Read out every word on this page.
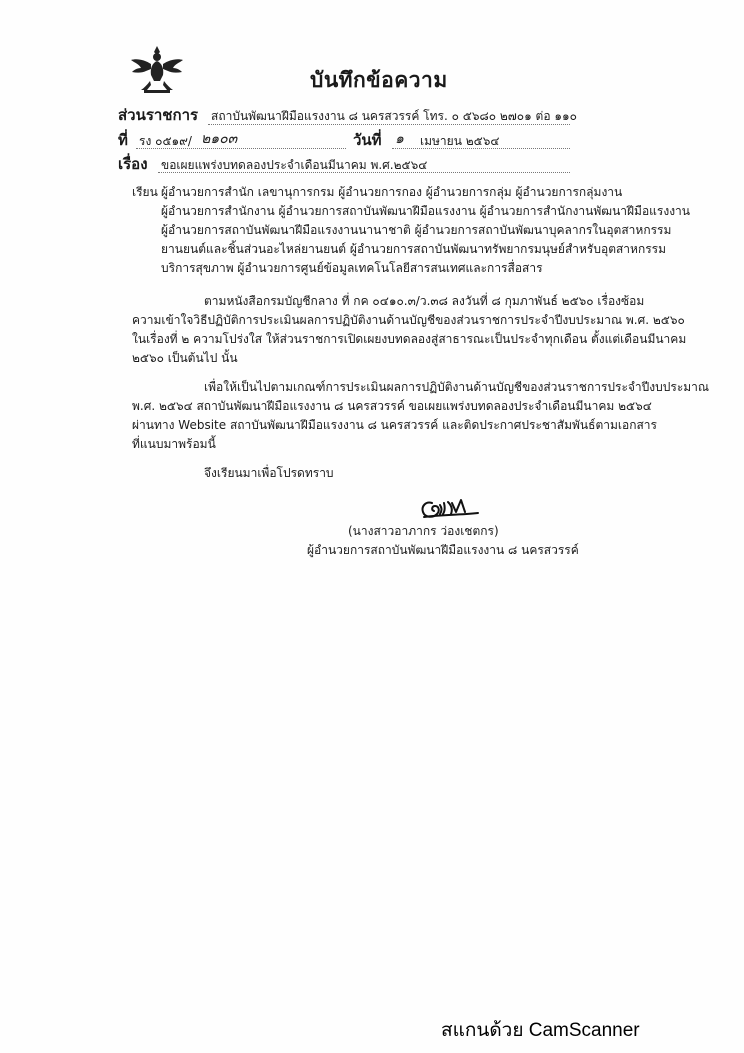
บันทึกข้อความ
ส่วนราชการ สถาบันพัฒนาฝีมือแรงงาน ๘ นครสวรรค์ โทร. ๐ ๕๖๘๐ ๒๗๐๑ ต่อ ๑๑๐
ที่ รง ๐๕๑๙/ ๒๑๐๓	วันที่ ๑ เมษายน ๒๕๖๔
เรื่อง ขอเผยแพร่งบทดลองประจำเดือนมีนาคม พ.ศ.๒๕๖๔
เรียน ผู้อำนวยการสำนัก เลขานุการกรม ผู้อำนวยการกอง ผู้อำนวยการกลุ่ม ผู้อำนวยการกลุ่มงาน
ผู้อำนวยการสำนักงาน ผู้อำนวยการสถาบันพัฒนาฝีมือแรงงาน ผู้อำนวยการสำนักงานพัฒนาฝีมือแรงงาน
ผู้อำนวยการสถาบันพัฒนาฝีมือแรงงานนานาชาติ ผู้อำนวยการสถาบันพัฒนาบุคลากรในอุตสาหกรรม
ยานยนต์และชิ้นส่วนอะไหล่ยานยนต์ ผู้อำนวยการสถาบันพัฒนาทรัพยากรมนุษย์สำหรับอุตสาหกรรม
บริการสุขภาพ ผู้อำนวยการศูนย์ข้อมูลเทคโนโลยีสารสนเทศและการสื่อสาร
ตามหนังสือกรมบัญชีกลาง ที่ กค ๐๔๑๐.๓/ว.๓๘ ลงวันที่ ๘ กุมภาพันธ์ ๒๕๖๐ เรื่องซ้อม
ความเข้าใจวิธีปฏิบัติการประเมินผลการปฏิบัติงานด้านบัญชีของส่วนราชการประจำปีงบประมาณ พ.ศ. ๒๕๖๐
ในเรื่องที่ ๒ ความโปร่งใส ให้ส่วนราชการเปิดเผยงบทดลองสู่สาธารณะเป็นประจำทุกเดือน ตั้งแต่เดือนมีนาคม
๒๕๖๐ เป็นต้นไป นั้น
เพื่อให้เป็นไปตามเกณฑ์การประเมินผลการปฏิบัติงานด้านบัญชีของส่วนราชการประจำปีงบประมาณ
พ.ศ. ๒๕๖๔ สถาบันพัฒนาฝีมือแรงงาน ๘ นครสวรรค์ ขอเผยแพร่งบทดลองประจำเดือนมีนาคม ๒๕๖๔
ผ่านทาง Website สถาบันพัฒนาฝีมือแรงงาน ๘ นครสวรรค์ และติดประกาศประชาสัมพันธ์ตามเอกสาร
ที่แนบมาพร้อมนี้
จึงเรียนมาเพื่อโปรดทราบ
(นางสาวอาภากร ว่องเชตกร)
ผู้อำนวยการสถาบันพัฒนาฝีมือแรงงาน ๘ นครสวรรค์
สแกนด้วย CamScanner
